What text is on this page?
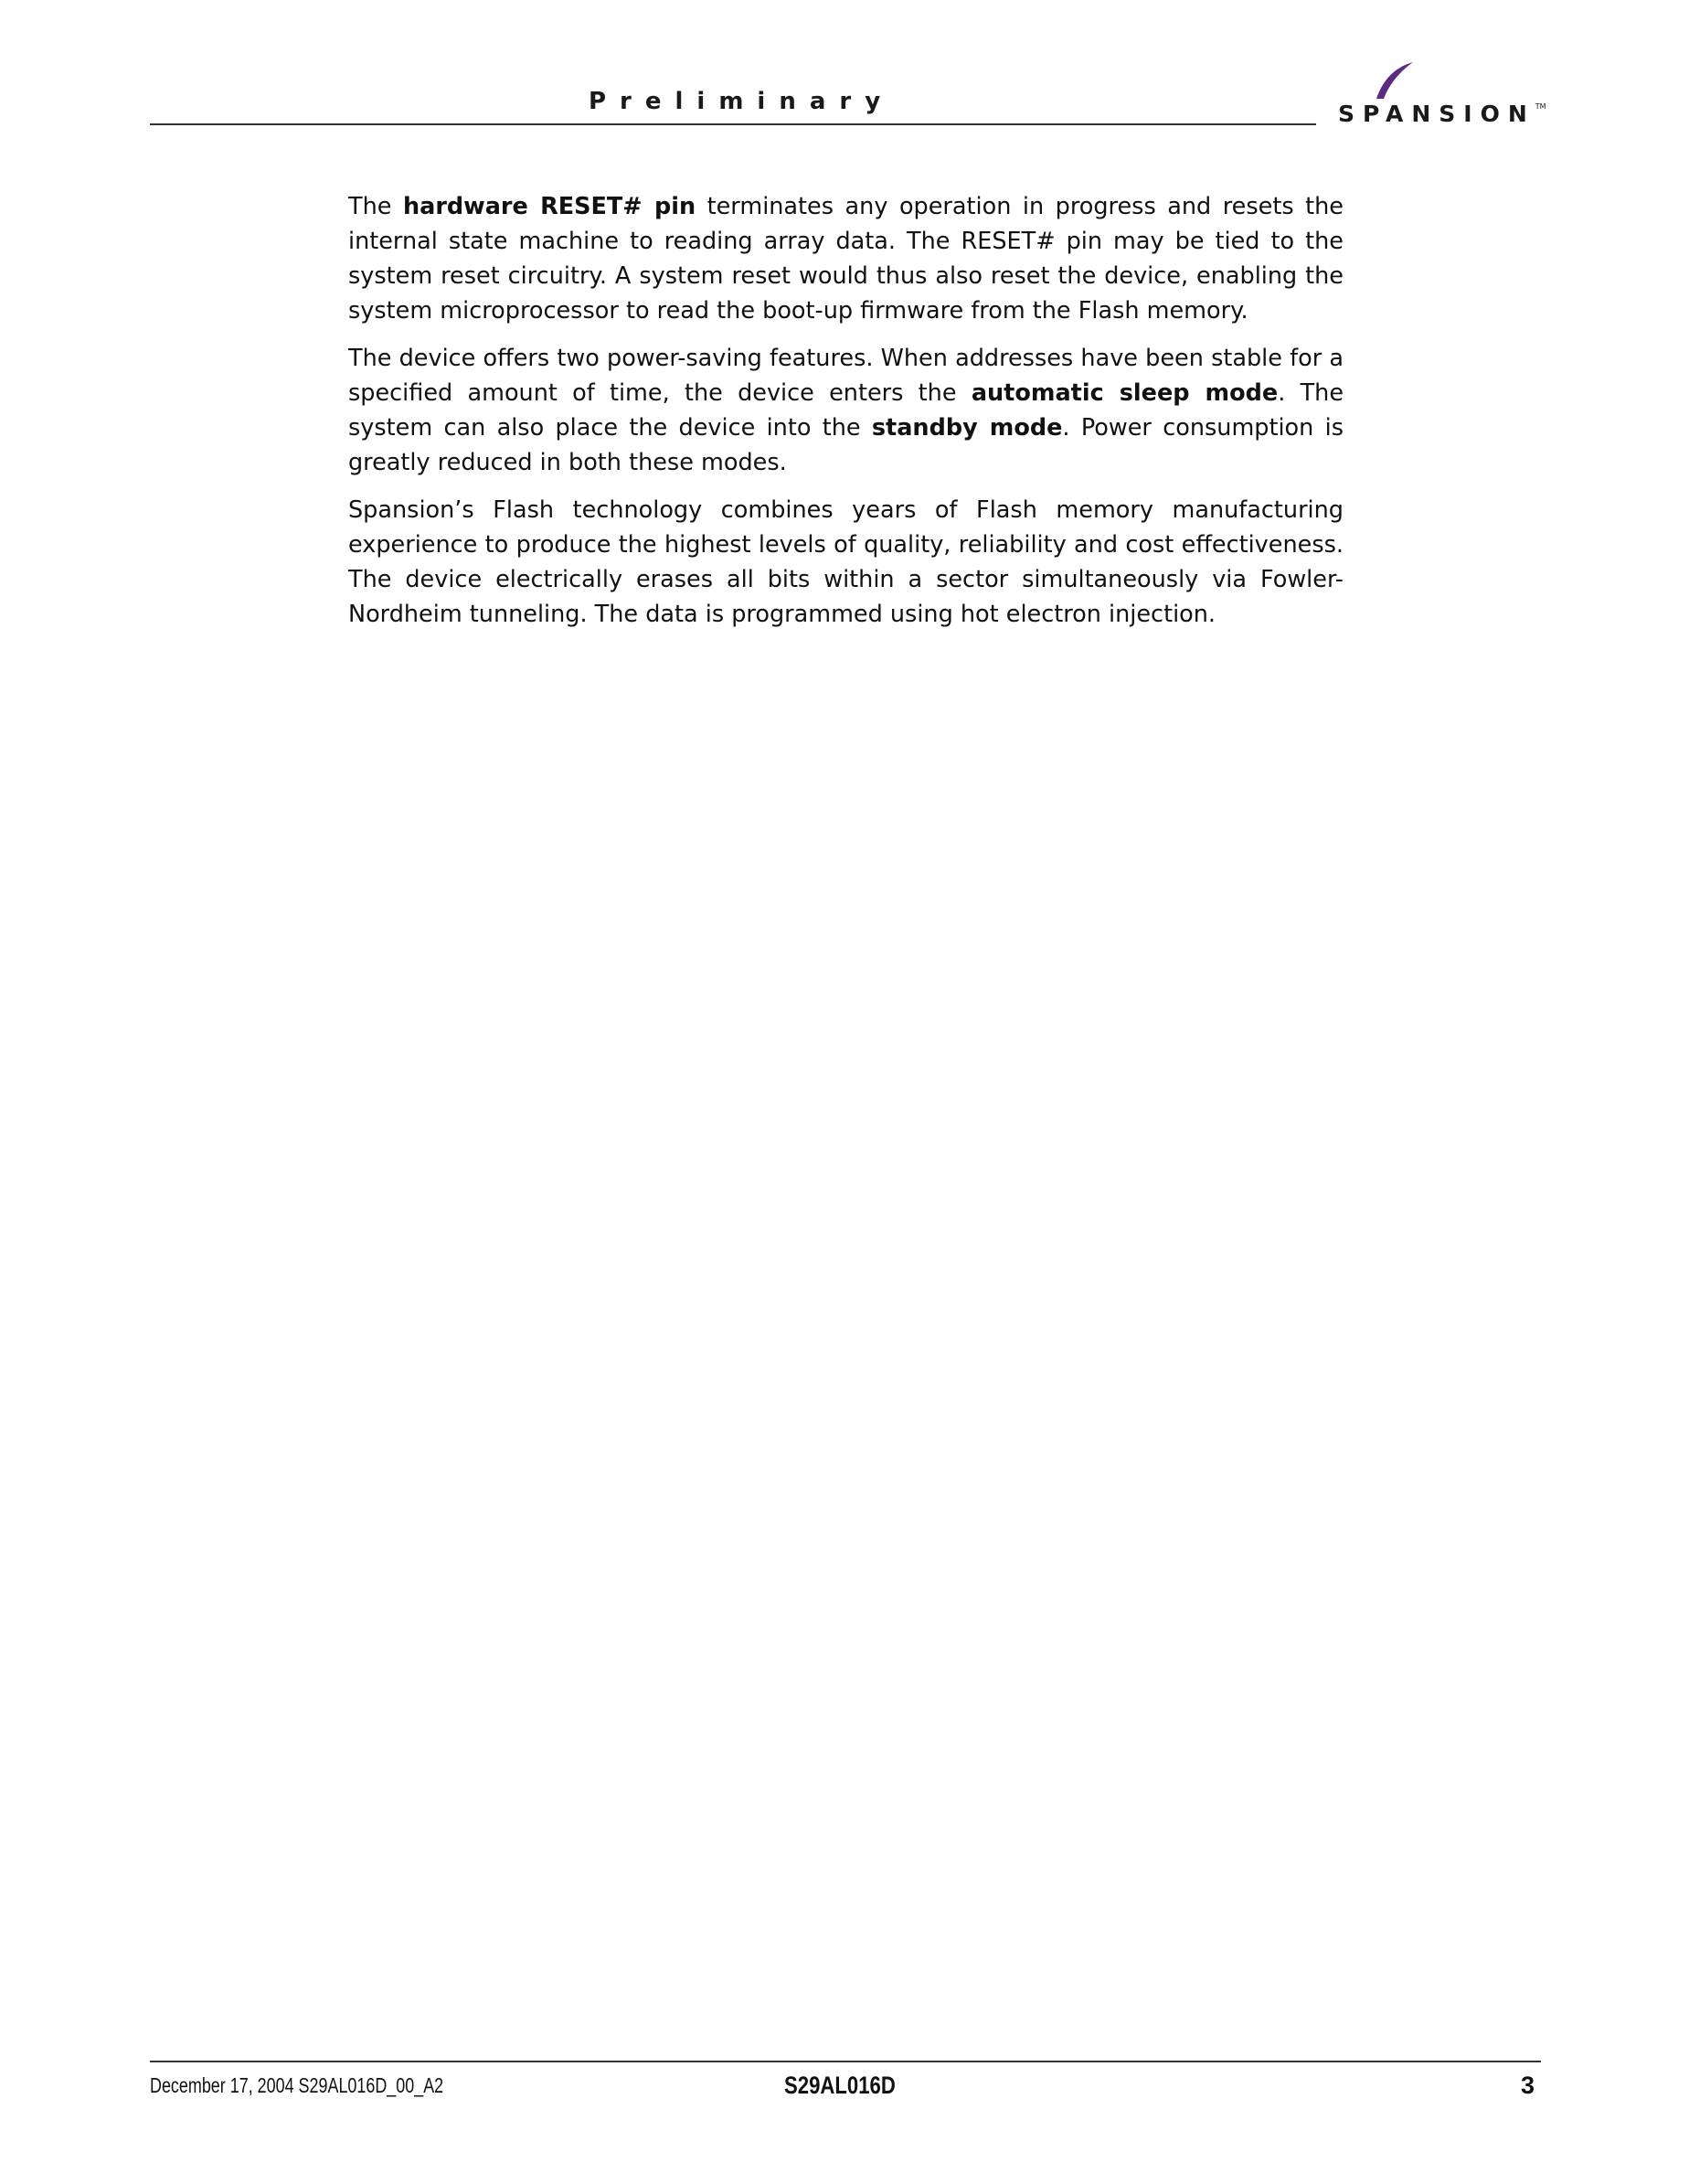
Preliminary	SPANSION™

The hardware RESET# pin terminates any operation in progress and resets the internal state machine to reading array data. The RESET# pin may be tied to the system reset circuitry. A system reset would thus also reset the device, enabling the system microprocessor to read the boot-up firmware from the Flash memory.

The device offers two power-saving features. When addresses have been stable for a specified amount of time, the device enters the automatic sleep mode. The system can also place the device into the standby mode. Power consumption is greatly reduced in both these modes.

Spansion’s Flash technology combines years of Flash memory manufacturing experience to produce the highest levels of quality, reliability and cost effectiveness. The device electrically erases all bits within a sector simultaneously via Fowler-Nordheim tunneling. The data is programmed using hot electron injection.

December 17, 2004 S29AL016D_00_A2	S29AL016D	3
